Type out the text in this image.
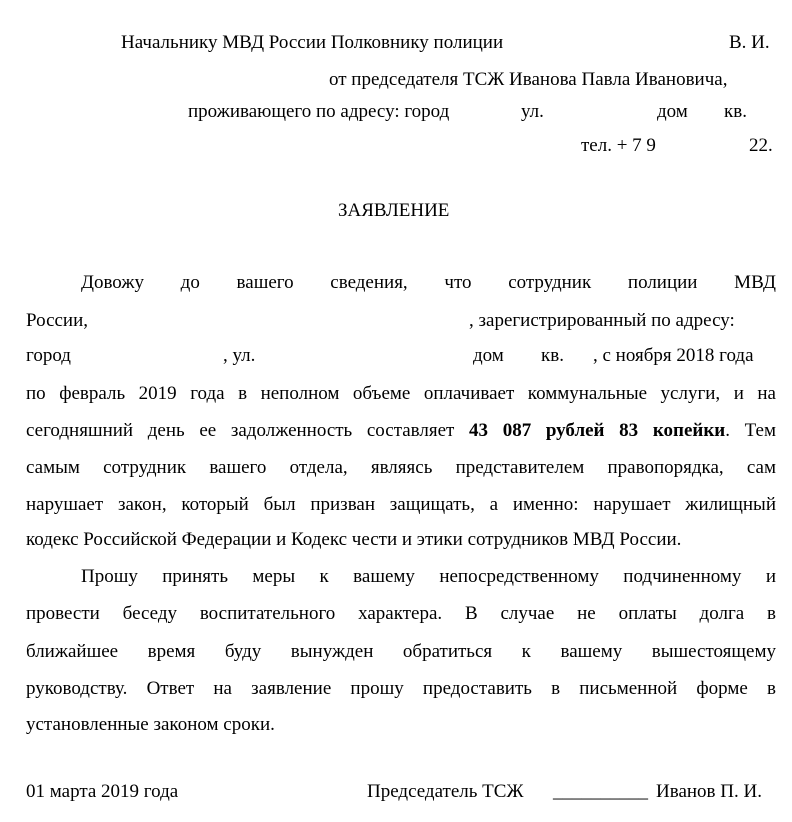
Начальнику МВД России Полковнику полиции	В. И.
от председателя ТСЖ Иванова Павла Ивановича,
проживающего по адресу: город	ул.	дом кв.
тел. + 7 9	22.
ЗАЯВЛЕНИЕ
Довожу до вашего сведения, что сотрудник полиции МВД
России,	, зарегистрированный по адресу:
город	, ул.	дом кв. , с ноября 2018 года
по февраль 2019 года в неполном объеме оплачивает коммунальные услуги, и на
сегодняшний день ее задолженность составляет 43 087 рублей 83 копейки. Тем
самым сотрудник вашего отдела, являясь представителем правопорядка, сам
нарушает закон, который был призван защищать, а именно: нарушает жилищный
кодекс Российской Федерации и Кодекс чести и этики сотрудников МВД России.
Прошу принять меры к вашему непосредственному подчиненному и
провести беседу воспитательного характера. В случае не оплаты долга в
ближайшее время буду вынужден обратиться к вашему вышестоящему
руководству. Ответ на заявление прошу предоставить в письменной форме в
установленные законом сроки.
01 марта 2019 года	Председатель ТСЖ __________ Иванов П. И.
